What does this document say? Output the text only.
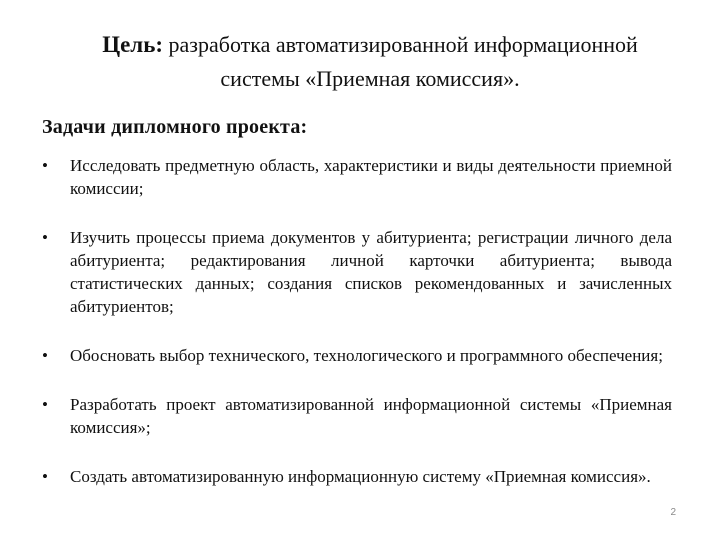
Цель: разработка автоматизированной информационной
системы «Приемная комиссия».
Задачи дипломного проекта:
• Исследовать предметную область, характеристики и виды деятельности приемной комиссии;
• Изучить процессы приема документов у абитуриента; регистрации личного дела абитуриента; редактирования личной карточки абитуриента; вывода статистических данных; создания списков рекомендованных и зачисленных абитуриентов;
• Обосновать выбор технического, технологического и программного обеспечения;
• Разработать проект автоматизированной информационной системы «Приемная комиссия»;
• Создать автоматизированную информационную систему «Приемная комиссия».
2
